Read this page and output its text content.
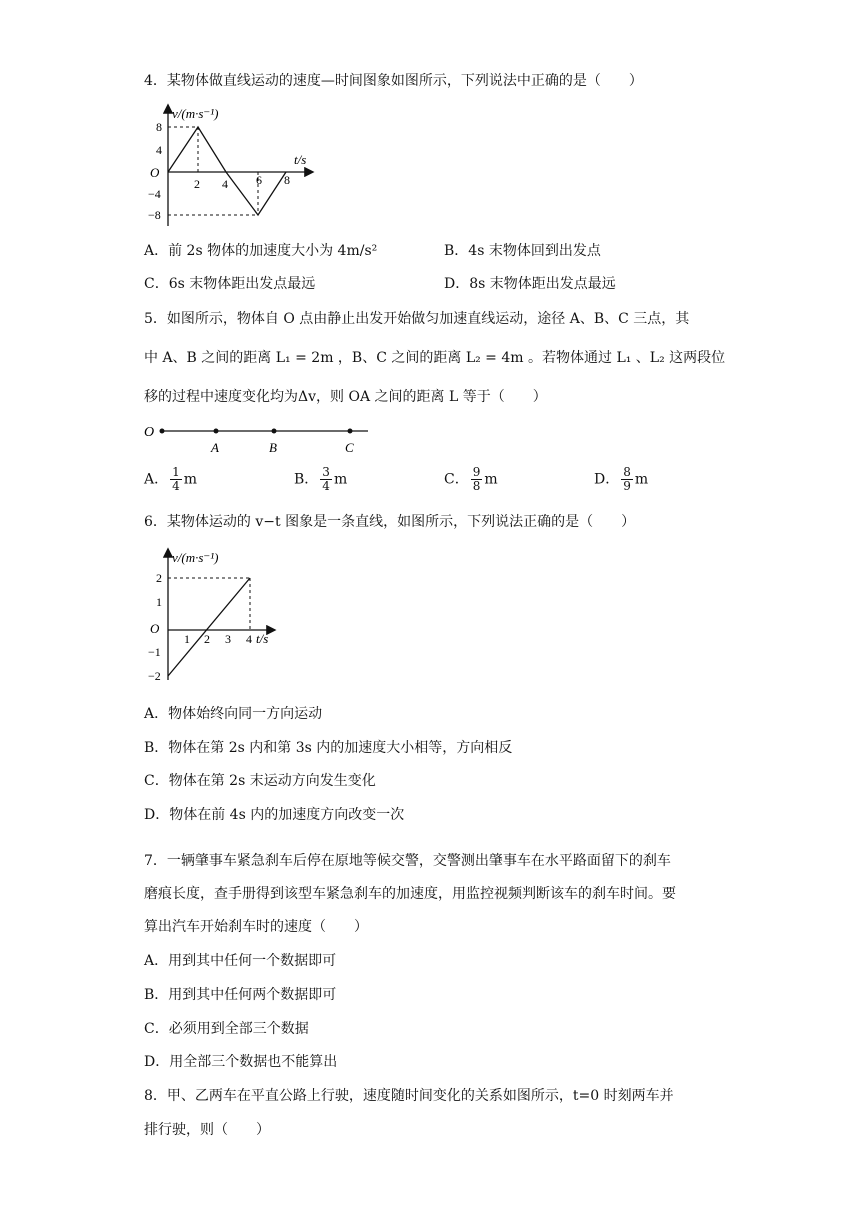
4．某物体做直线运动的速度—时间图象如图所示，下列说法中正确的是（　　）
v/(m·s⁻¹)
t/s
O
2 4 6 8
8
4
−4
−8
A．前 2s 物体的加速度大小为 4m/s²	B．4s 末物体回到出发点
C．6s 末物体距出发点最远	D．8s 末物体距出发点最远
5．如图所示，物体自 O 点由静止出发开始做匀加速直线运动，途径 A、B、C 三点，其
中 A、B 之间的距离 L₁ = 2m ，B、C 之间的距离 L₂ = 4m 。若物体通过 L₁ 、L₂ 这两段位
移的过程中速度变化均为Δv，则 OA 之间的距离 L 等于（　　）
O
A	B	C
A． $\frac{1}{4}$ m	B． $\frac{3}{4}$ m	C． $\frac{9}{8}$ m	D． $\frac{8}{9}$ m
6．某物体运动的 v−t 图象是一条直线，如图所示，下列说法正确的是（　　）
v/(m·s⁻¹)
t/s
O
1 2 3 4
2
1
−1
−2
A．物体始终向同一方向运动
B．物体在第 2s 内和第 3s 内的加速度大小相等，方向相反
C．物体在第 2s 末运动方向发生变化
D．物体在前 4s 内的加速度方向改变一次
7．一辆肇事车紧急刹车后停在原地等候交警，交警测出肇事车在水平路面留下的刹车
磨痕长度，查手册得到该型车紧急刹车的加速度，用监控视频判断该车的刹车时间。要
算出汽车开始刹车时的速度（　　）
A．用到其中任何一个数据即可
B．用到其中任何两个数据即可
C．必须用到全部三个数据
D．用全部三个数据也不能算出
8．甲、乙两车在平直公路上行驶，速度随时间变化的关系如图所示，t=0 时刻两车并
排行驶，则（　　）
